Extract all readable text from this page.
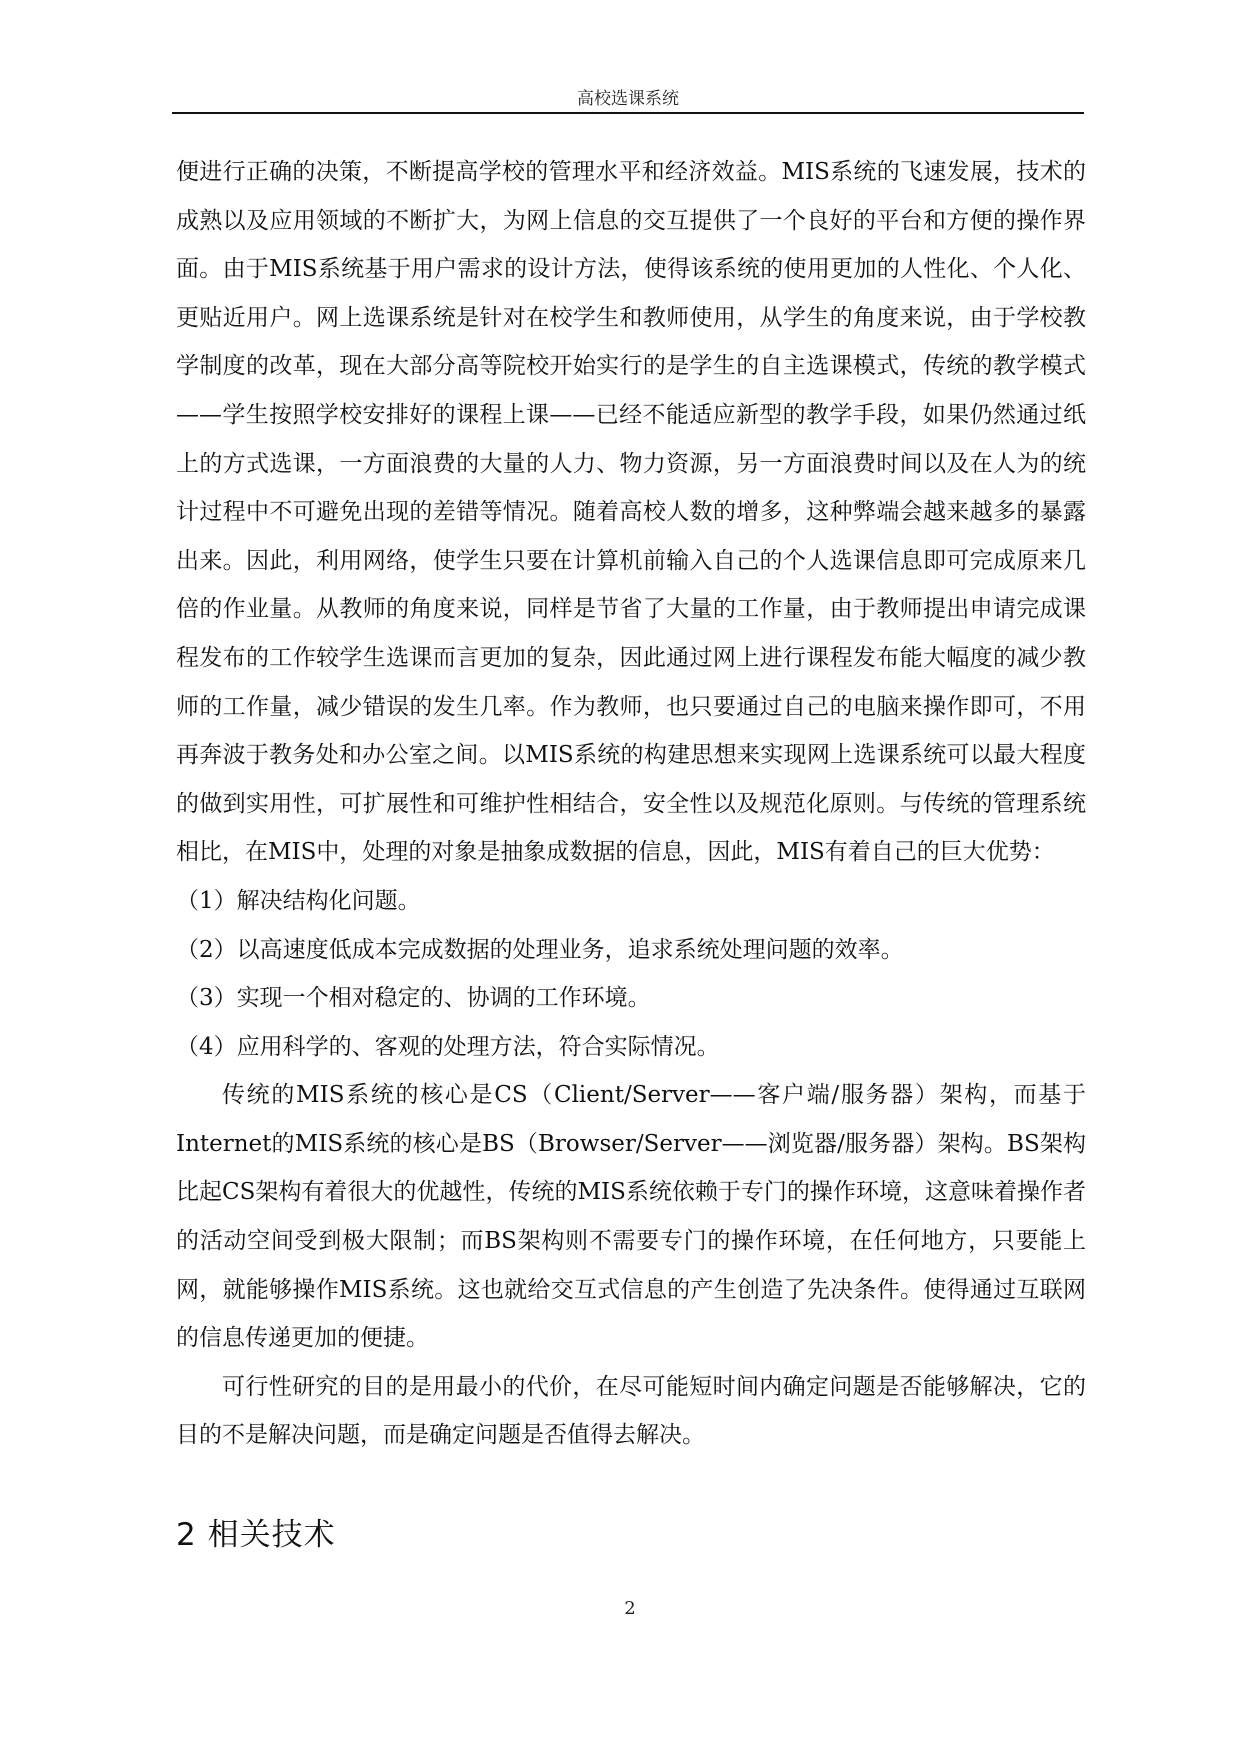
高校选课系统

便进行正确的决策，不断提高学校的管理水平和经济效益。MIS系统的飞速发展，技术的成熟以及应用领域的不断扩大，为网上信息的交互提供了一个良好的平台和方便的操作界面。由于MIS系统基于用户需求的设计方法，使得该系统的使用更加的人性化、个人化、更贴近用户。网上选课系统是针对在校学生和教师使用，从学生的角度来说，由于学校教学制度的改革，现在大部分高等院校开始实行的是学生的自主选课模式，传统的教学模式——学生按照学校安排好的课程上课——已经不能适应新型的教学手段，如果仍然通过纸上的方式选课，一方面浪费的大量的人力、物力资源，另一方面浪费时间以及在人为的统计过程中不可避免出现的差错等情况。随着高校人数的增多，这种弊端会越来越多的暴露出来。因此，利用网络，使学生只要在计算机前输入自己的个人选课信息即可完成原来几倍的作业量。从教师的角度来说，同样是节省了大量的工作量，由于教师提出申请完成课程发布的工作较学生选课而言更加的复杂，因此通过网上进行课程发布能大幅度的减少教师的工作量，减少错误的发生几率。作为教师，也只要通过自己的电脑来操作即可，不用再奔波于教务处和办公室之间。以MIS系统的构建思想来实现网上选课系统可以最大程度的做到实用性，可扩展性和可维护性相结合，安全性以及规范化原则。与传统的管理系统相比，在MIS中，处理的对象是抽象成数据的信息，因此，MIS有着自己的巨大优势：

（1）解决结构化问题。

（2）以高速度低成本完成数据的处理业务，追求系统处理问题的效率。

（3）实现一个相对稳定的、协调的工作环境。

（4）应用科学的、客观的处理方法，符合实际情况。

传统的MIS系统的核心是CS（Client/Server——客户端/服务器）架构，而基于Internet的MIS系统的核心是BS（Browser/Server——浏览器/服务器）架构。BS架构比起CS架构有着很大的优越性，传统的MIS系统依赖于专门的操作环境，这意味着操作者的活动空间受到极大限制；而BS架构则不需要专门的操作环境，在任何地方，只要能上网，就能够操作MIS系统。这也就给交互式信息的产生创造了先决条件。使得通过互联网的信息传递更加的便捷。

可行性研究的目的是用最小的代价，在尽可能短时间内确定问题是否能够解决，它的目的不是解决问题，而是确定问题是否值得去解决。

2 相关技术
2
